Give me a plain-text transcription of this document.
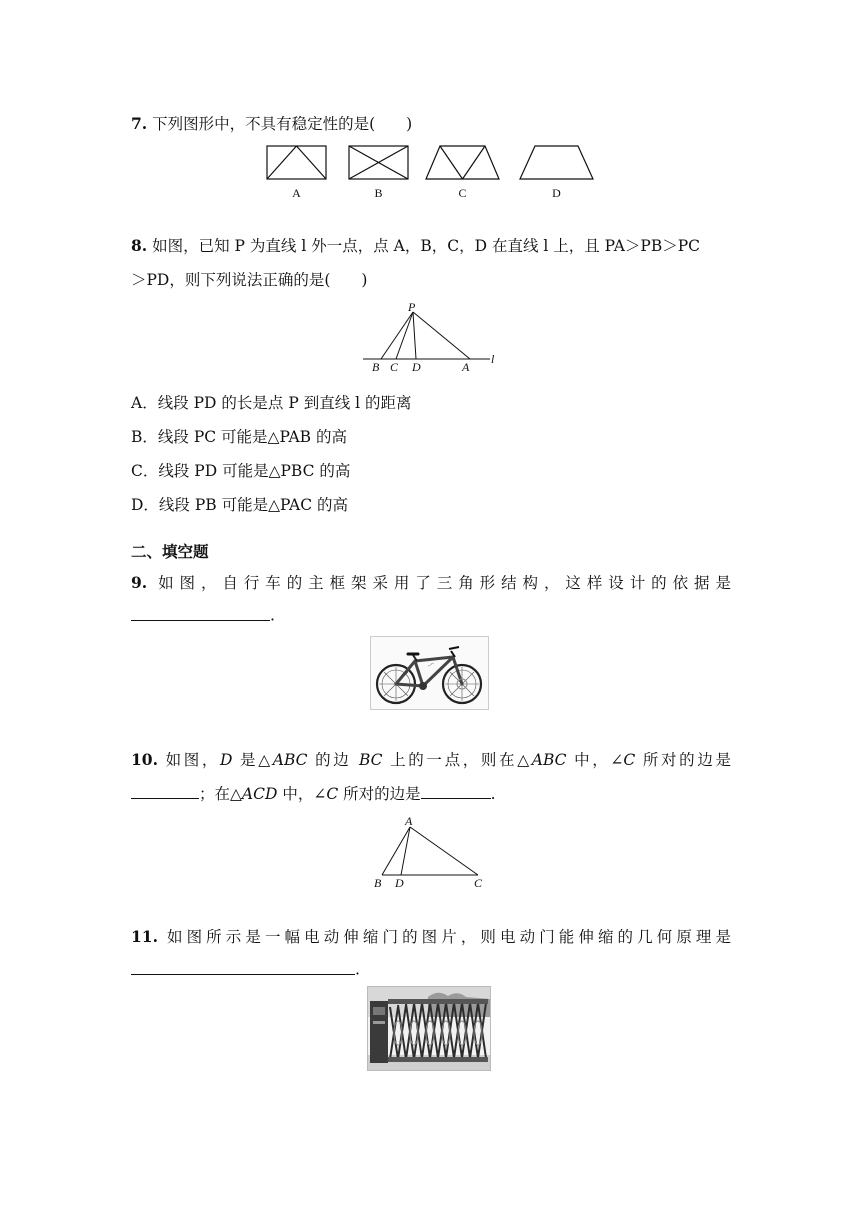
7. 下列图形中，不具有稳定性的是(　　)
A	B	C	D
8. 如图，已知 P 为直线 l 外一点，点 A，B，C，D 在直线 l 上，且 PA＞PB＞PC
＞PD，则下列说法正确的是(　　)
P
B C D	A
l
A．线段 PD 的长是点 P 到直线 l 的距离
B．线段 PC 可能是△PAB 的高
C．线段 PD 可能是△PBC 的高
D．线段 PB 可能是△PAC 的高
二、填空题
9. 如图，自行车的主框架采用了三角形结构，这样设计的依据是
.
~~
10. 如图，D 是△ABC 的边 BC 上的一点，则在△ABC 中，∠C 所对的边是
；在△ACD 中，∠C 所对的边是	.
A
B D	C
11. 如图所示是一幅电动伸缩门的图片，则电动门能伸缩的几何原理是
.
